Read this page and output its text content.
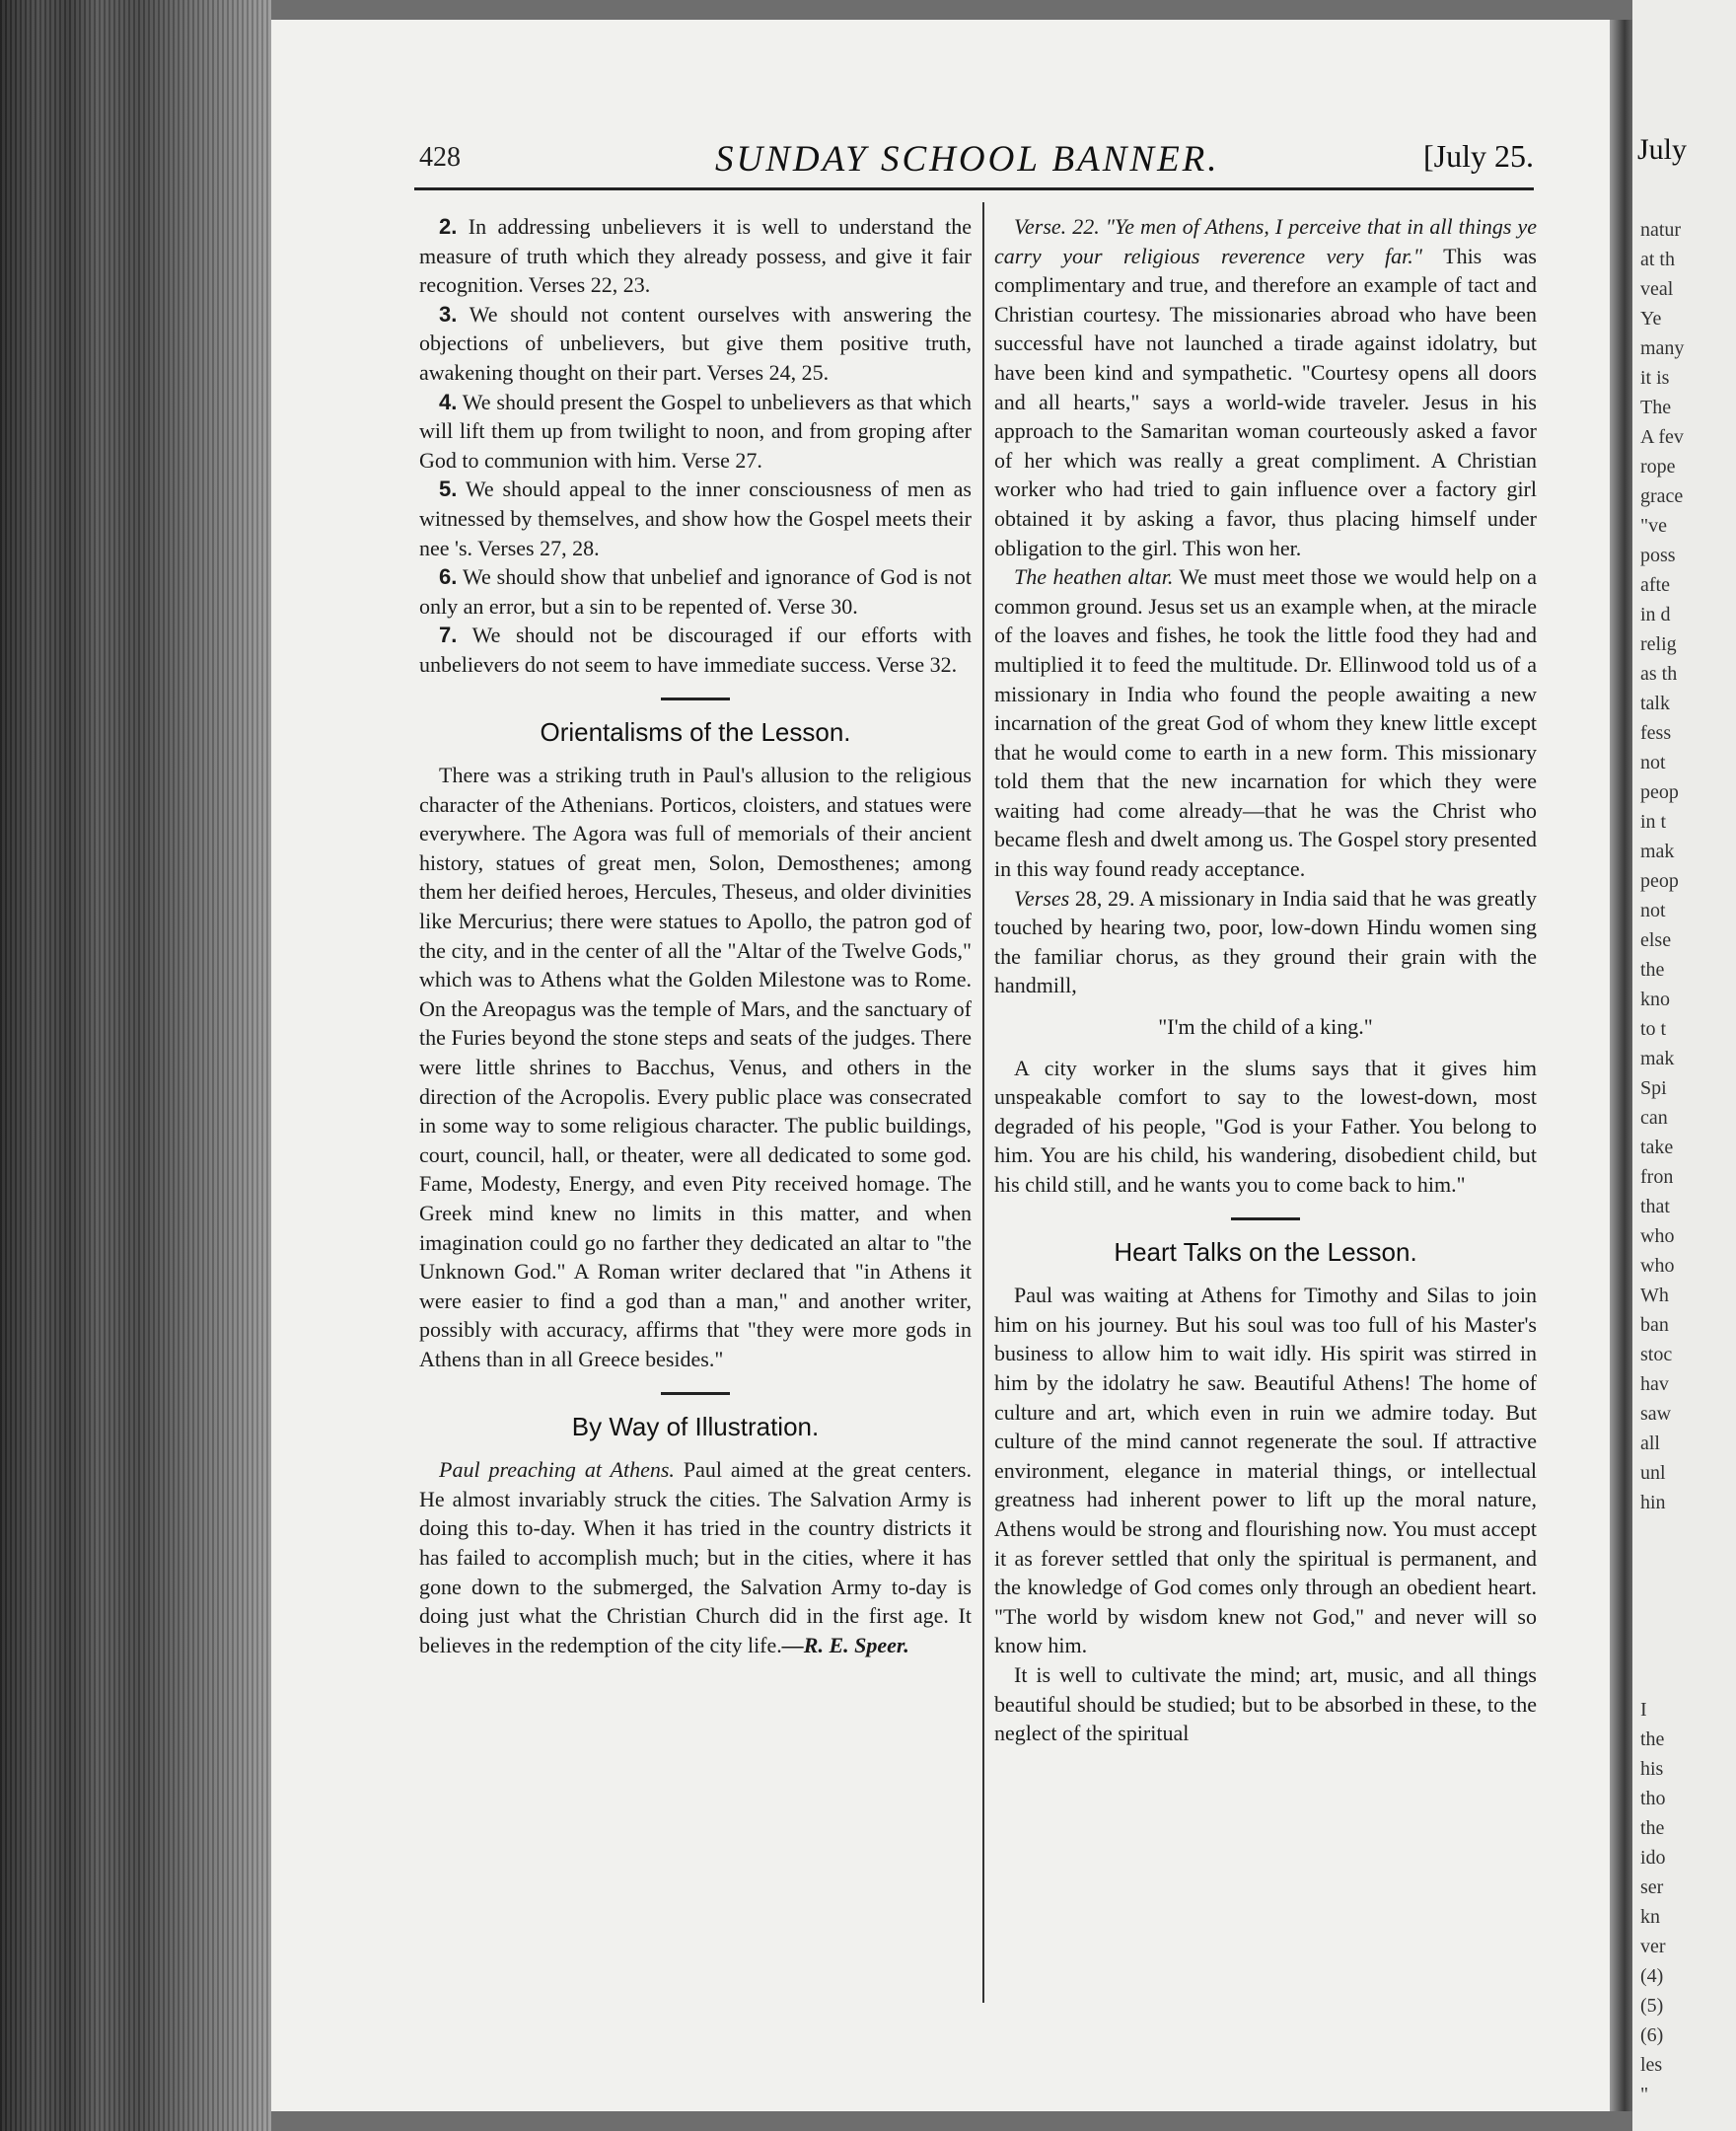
July
natur
at th
veal
Ye
many
it is
The
A fev
rope
grace
"ve
poss
afte
in d
relig
as th
talk
fess
not
peop
in t
mak
peop
not
else
the
kno
to t
mak
Spi
can
take
fron
that
who
who
Wh
ban
stoc
hav
saw
all
unl
hin
I
the
his
tho
the
ido
ser
kn
ver
(4)
(5)
(6)
les
"
428	SUNDAY SCHOOL BANNER.	[July 25.

2. In addressing unbelievers it is well to understand the measure of truth which they already possess, and give it fair recognition. Verses 22, 23.

3. We should not content ourselves with answering the objections of unbelievers, but give them positive truth, awakening thought on their part. Verses 24, 25.

4. We should present the Gospel to unbelievers as that which will lift them up from twilight to noon, and from groping after God to communion with him. Verse 27.

5. We should appeal to the inner consciousness of men as witnessed by themselves, and show how the Gospel meets their nee 's. Verses 27, 28.

6. We should show that unbelief and ignorance of God is not only an error, but a sin to be repented of. Verse 30.

7. We should not be discouraged if our efforts with unbelievers do not seem to have immediate success. Verse 32.

Orientalisms of the Lesson.

There was a striking truth in Paul's allusion to the religious character of the Athenians. Porticos, cloisters, and statues were everywhere. The Agora was full of memorials of their ancient history, statues of great men, Solon, Demosthenes; among them her deified heroes, Hercules, Theseus, and older divinities like Mercurius; there were statues to Apollo, the patron god of the city, and in the center of all the "Altar of the Twelve Gods," which was to Athens what the Golden Milestone was to Rome. On the Areopagus was the temple of Mars, and the sanctuary of the Furies beyond the stone steps and seats of the judges. There were little shrines to Bacchus, Venus, and others in the direction of the Acropolis. Every public place was consecrated in some way to some religious character. The public buildings, court, council, hall, or theater, were all dedicated to some god. Fame, Modesty, Energy, and even Pity received homage. The Greek mind knew no limits in this matter, and when imagination could go no farther they dedicated an altar to "the Unknown God." A Roman writer declared that "in Athens it were easier to find a god than a man," and another writer, possibly with accuracy, affirms that "they were more gods in Athens than in all Greece besides."

By Way of Illustration.

Paul preaching at Athens. Paul aimed at the great centers. He almost invariably struck the cities. The Salvation Army is doing this to-day. When it has tried in the country districts it has failed to accomplish much; but in the cities, where it has gone down to the submerged, the Salvation Army to-day is doing just what the Christian Church did in the first age. It believes in the redemption of the city life.—R. E. Speer.

Verse. 22. "Ye men of Athens, I perceive that in all things ye carry your religious reverence very far." This was complimentary and true, and therefore an example of tact and Christian courtesy. The missionaries abroad who have been successful have not launched a tirade against idolatry, but have been kind and sympathetic. "Courtesy opens all doors and all hearts," says a world-wide traveler. Jesus in his approach to the Samaritan woman courteously asked a favor of her which was really a great compliment. A Christian worker who had tried to gain influence over a factory girl obtained it by asking a favor, thus placing himself under obligation to the girl. This won her.

The heathen altar. We must meet those we would help on a common ground. Jesus set us an example when, at the miracle of the loaves and fishes, he took the little food they had and multiplied it to feed the multitude. Dr. Ellinwood told us of a missionary in India who found the people awaiting a new incarnation of the great God of whom they knew little except that he would come to earth in a new form. This missionary told them that the new incarnation for which they were waiting had come already—that he was the Christ who became flesh and dwelt among us. The Gospel story presented in this way found ready acceptance.

Verses 28, 29. A missionary in India said that he was greatly touched by hearing two, poor, low-down Hindu women sing the familiar chorus, as they ground their grain with the handmill,

"I'm the child of a king."

A city worker in the slums says that it gives him unspeakable comfort to say to the lowest-down, most degraded of his people, "God is your Father. You belong to him. You are his child, his wandering, disobedient child, but his child still, and he wants you to come back to him."

Heart Talks on the Lesson.

Paul was waiting at Athens for Timothy and Silas to join him on his journey. But his soul was too full of his Master's business to allow him to wait idly. His spirit was stirred in him by the idolatry he saw. Beautiful Athens! The home of culture and art, which even in ruin we admire today. But culture of the mind cannot regenerate the soul. If attractive environment, elegance in material things, or intellectual greatness had inherent power to lift up the moral nature, Athens would be strong and flourishing now. You must accept it as forever settled that only the spiritual is permanent, and the knowledge of God comes only through an obedient heart. "The world by wisdom knew not God," and never will so know him.

It is well to cultivate the mind; art, music, and all things beautiful should be studied; but to be absorbed in these, to the neglect of the spiritual
